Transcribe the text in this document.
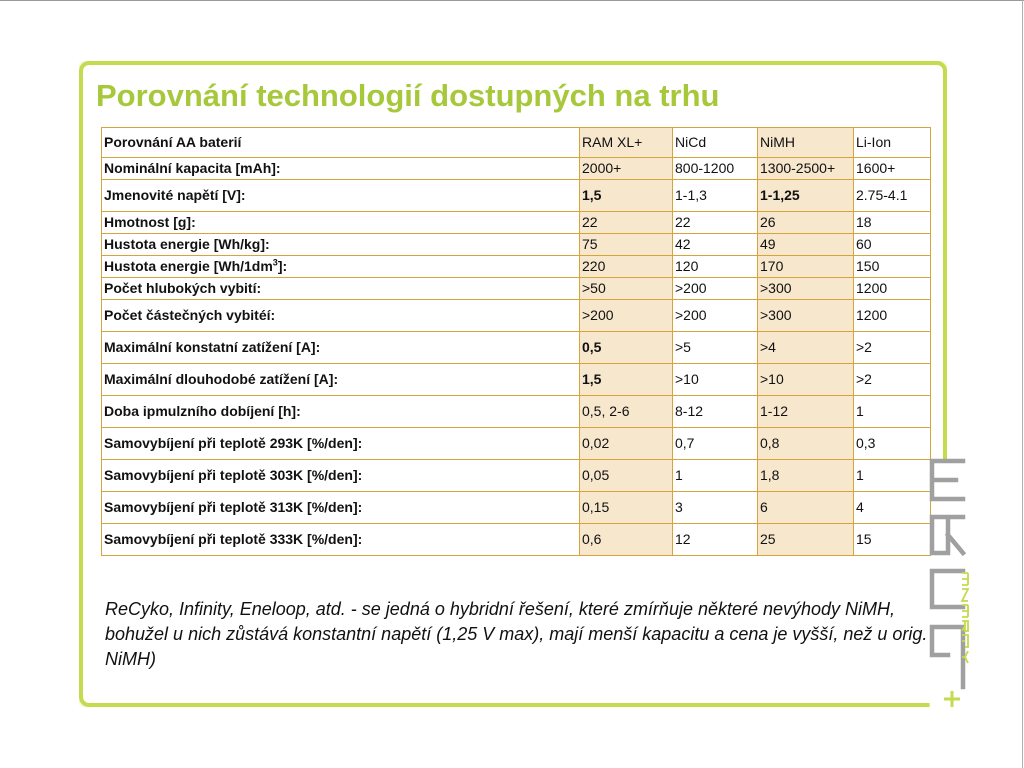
Porovnání technologií dostupných na trhu
Porovnání AA baterií	RAM XL+	NiCd	NiMH	Li-Ion
Nominální kapacita [mAh]:	2000+	800-1200	1300-2500+	1600+
Jmenovité napětí [V]:	1,5	1-1,3	1-1,25	2.75-4.1
Hmotnost [g]:	22	22	26	18
Hustota energie [Wh/kg]:	75	42	49	60
Hustota energie $[Wh/1dm^3]$:	220	120	170	150
Počet hlubokých vybití:	>50	>200	>300	1200
Počet částečných vybitéí:	>200	>200	>300	1200
Maximální konstatní zatížení [A]:	0,5	>5	>4	>2
Maximální dlouhodobé zatížení [A]:	1,5	>10	>10	>2
Doba ipmulzního dobíjení [h]:	0,5, 2-6	8-12	1-12	1
Samovybíjení při teplotě 293K [%/den]:	0,02	0,7	0,8	0,3
Samovybíjení při teplotě 303K [%/den]:	0,05	1	1,8	1
Samovybíjení při teplotě 313K [%/den]:	0,15	3	6	4
Samovybíjení při teplotě 333K [%/den]:	0,6	12	25	15
ReCyko, Infinity, Eneloop, atd. - se jedná o hybridní řešení, které zmírňuje některé nevýhody NiMH, bohužel u nich zůstává konstantní napětí (1,25 V max), mají menší kapacitu a cena je vyšší, než u orig. NiMH)
